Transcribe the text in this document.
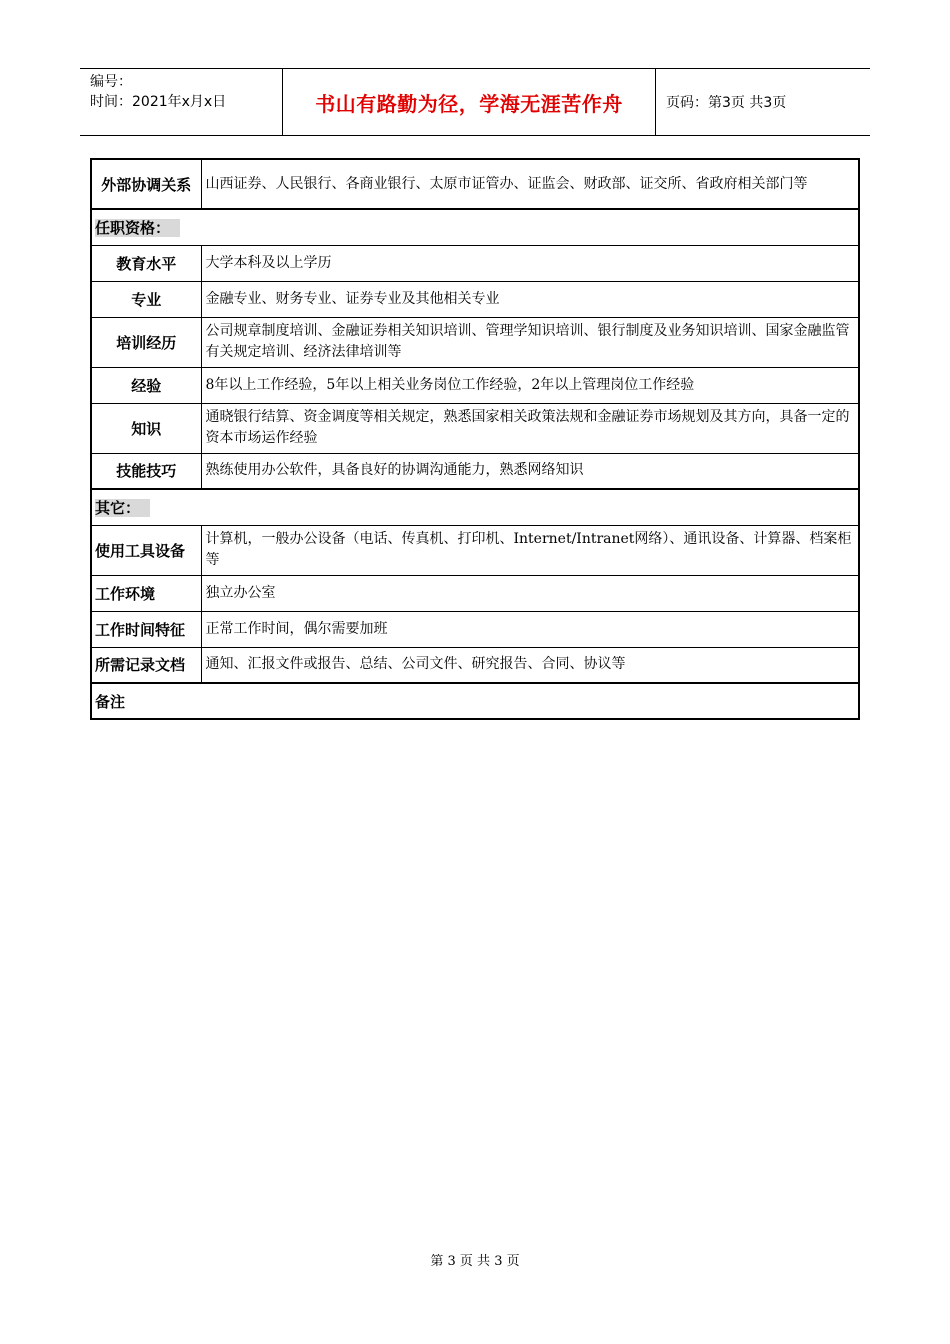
编号：
时间：2021年x月x日	书山有路勤为径，学海无涯苦作舟	页码：第3页 共3页
外部协调关系	山西证券、人民银行、各商业银行、太原市证管办、证监会、财政部、证交所、省政府相关部门等
任职资格：	
教育水平	大学本科及以上学历
专业	金融专业、财务专业、证券专业及其他相关专业
培训经历	公司规章制度培训、金融证券相关知识培训、管理学知识培训、银行制度及业务知识培训、国家金融监管有关规定培训、经济法律培训等
经验	8年以上工作经验，5年以上相关业务岗位工作经验，2年以上管理岗位工作经验
知识	通晓银行结算、资金调度等相关规定，熟悉国家相关政策法规和金融证券市场规划及其方向，具备一定的资本市场运作经验
技能技巧	熟练使用办公软件，具备良好的协调沟通能力，熟悉网络知识
其它：	
使用工具设备	计算机，一般办公设备（电话、传真机、打印机、Internet/Intranet网络）、通讯设备、计算器、档案柜等
工作环境	独立办公室
工作时间特征	正常工作时间，偶尔需要加班
所需记录文档	通知、汇报文件或报告、总结、公司文件、研究报告、合同、协议等
备注	
第 3 页 共 3 页
